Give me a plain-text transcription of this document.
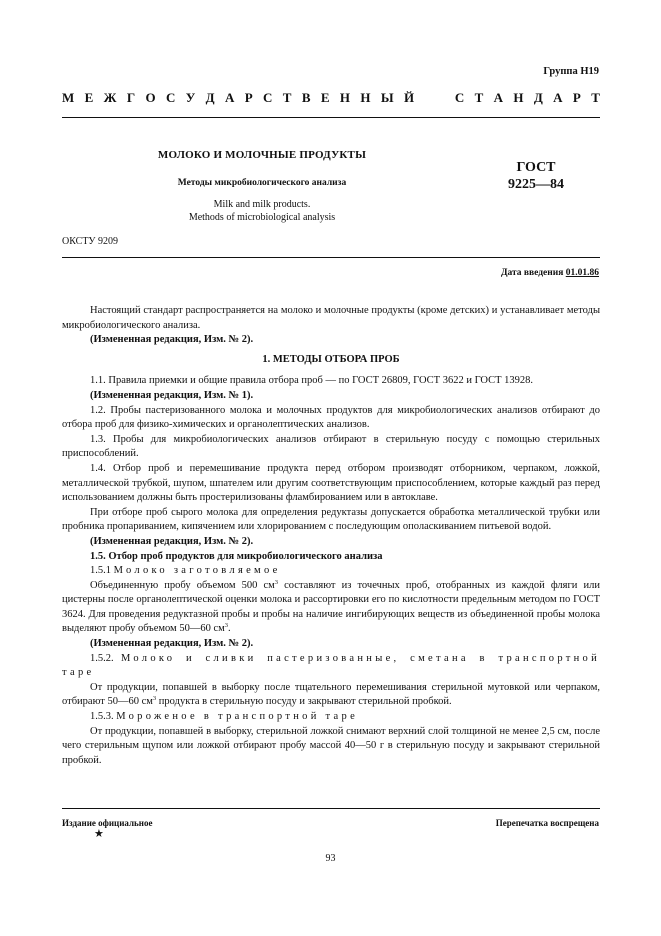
Группа Н19
М Е Ж Г О С У Д А Р С Т В Е Н Н Ы Й	С Т А Н Д А Р Т
МОЛОКО И МОЛОЧНЫЕ ПРОДУКТЫ
Методы микробиологического анализа
Milk and milk products.
Methods of microbiological analysis
ГОСТ
9225—84
ОКСТУ 9209
Дата введения 01.01.86

Настоящий стандарт распространяется на молоко и молочные продукты (кроме детских) и устанавливает методы микробиологического анализа.

(Измененная редакция, Изм. № 2).

1. МЕТОДЫ ОТБОРА ПРОБ

1.1. Правила приемки и общие правила отбора проб — по ГОСТ 26809, ГОСТ 3622 и ГОСТ 13928.

(Измененная редакция, Изм. № 1).

1.2. Пробы пастеризованного молока и молочных продуктов для микробиологических анализов отбирают до отбора проб для физико-химических и органолептических анализов.

1.3. Пробы для микробиологических анализов отбирают в стерильную посуду с помощью стерильных приспособлений.

1.4. Отбор проб и перемешивание продукта перед отбором производят отборником, черпаком, ложкой, металлической трубкой, шупом, шпателем или другим соответствующим приспособлением, которые каждый раз перед использованием должны быть простерилизованы фламбированием или в автоклаве.

При отборе проб сырого молока для определения редуктазы допускается обработка металлической трубки или пробника пропариванием, кипячением или хлорированием с последующим ополаскиванием питьевой водой.

(Измененная редакция, Изм. № 2).

1.5. Отбор проб продуктов для микробиологического анализа

1.5.1 Молоко заготовляемое

Объединенную пробу объемом 500 $см^3$ составляют из точечных проб, отобранных из каждой фляги или цистерны после органолептической оценки молока и рассортировки его по кислотности предельным методом по ГОСТ 3624. Для проведения редуктазной пробы и пробы на наличие ингибирующих веществ из объединенной пробы молока выделяют пробу объемом 50—60 $см^3$.

(Измененная редакция, Изм. № 2).

1.5.2. Молоко и сливки пастеризованные, сметана в транспортной таре

От продукции, попавшей в выборку после тщательного перемешивания стерильной мутовкой или черпаком, отбирают 50—60 $см^3$ продукта в стерильную посуду и закрывают стерильной пробкой.

1.5.3. Мороженое в транспортной таре

От продукции, попавшей в выборку, стерильной ложкой снимают верхний слой толщиной не менее 2,5 см, после чего стерильным щупом или ложкой отбирают пробу массой 40—50 г в стерильную посуду и закрывают стерильной пробкой.

Издание официальное
★
Перепечатка воспрещена
93
